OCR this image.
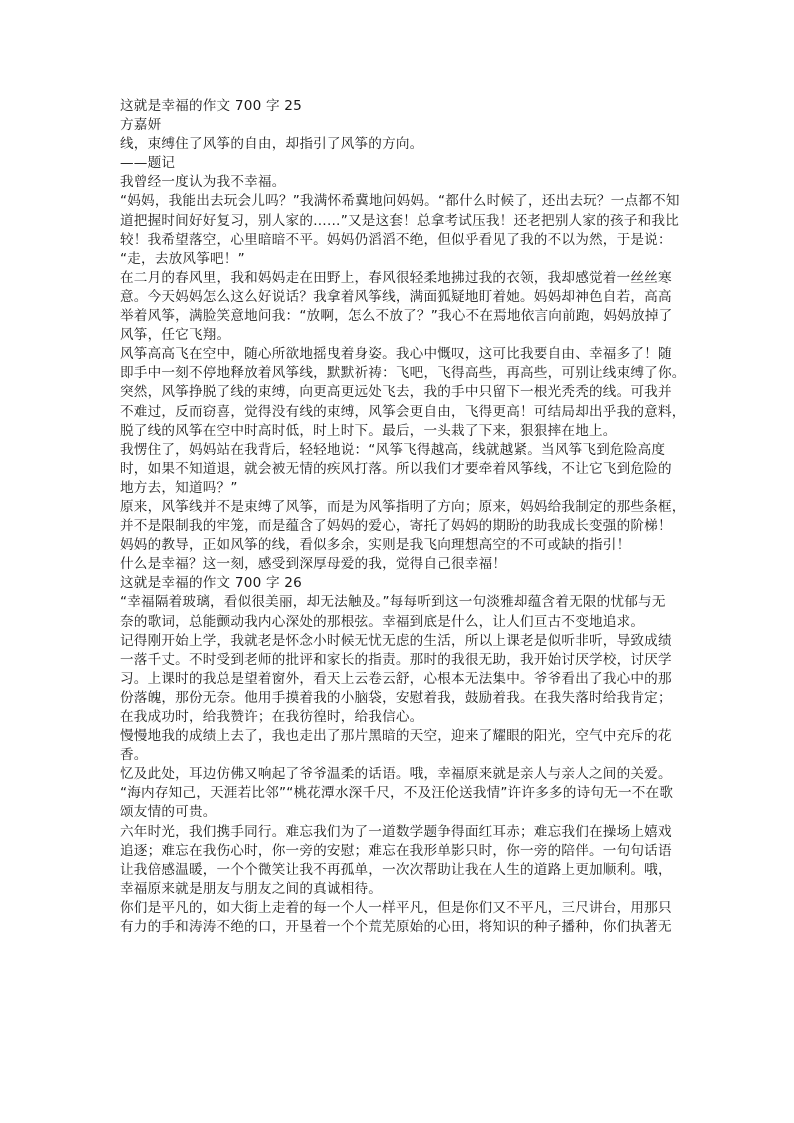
这就是幸福的作文 700 字 25
方嘉妍
线，束缚住了风筝的自由，却指引了风筝的方向。
——题记
我曾经一度认为我不幸福。
“妈妈，我能出去玩会儿吗？”我满怀希冀地问妈妈。“都什么时候了，还出去玩？一点都不知
道把握时间好好复习，别人家的……”又是这套！总拿考试压我！还老把别人家的孩子和我比
较！我希望落空，心里暗暗不平。妈妈仍滔滔不绝，但似乎看见了我的不以为然，于是说：
“走，去放风筝吧！”
在二月的春风里，我和妈妈走在田野上，春风很轻柔地拂过我的衣领，我却感觉着一丝丝寒
意。今天妈妈怎么这么好说话？我拿着风筝线，满面狐疑地盯着她。妈妈却神色自若，高高
举着风筝，满脸笑意地问我：“放啊，怎么不放了？”我心不在焉地依言向前跑，妈妈放掉了
风筝，任它飞翔。
风筝高高飞在空中，随心所欲地摇曳着身姿。我心中慨叹，这可比我要自由、幸福多了！随
即手中一刻不停地释放着风筝线，默默祈祷：飞吧，飞得高些，再高些，可别让线束缚了你。
突然，风筝挣脱了线的束缚，向更高更远处飞去，我的手中只留下一根光秃秃的线。可我并
不难过，反而窃喜，觉得没有线的束缚，风筝会更自由，飞得更高！可结局却出乎我的意料，
脱了线的风筝在空中时高时低，时上时下。最后，一头栽了下来，狠狠摔在地上。
我愣住了，妈妈站在我背后，轻轻地说：“风筝飞得越高，线就越紧。当风筝飞到危险高度
时，如果不知道退，就会被无情的疾风打落。所以我们才要牵着风筝线，不让它飞到危险的
地方去，知道吗？”
原来，风筝线并不是束缚了风筝，而是为风筝指明了方向；原来，妈妈给我制定的那些条框，
并不是限制我的牢笼，而是蕴含了妈妈的爱心，寄托了妈妈的期盼的助我成长变强的阶梯！
妈妈的教导，正如风筝的线，看似多余，实则是我飞向理想高空的不可或缺的指引！
什么是幸福？这一刻，感受到深厚母爱的我，觉得自己很幸福！
这就是幸福的作文 700 字 26
“幸福隔着玻璃，看似很美丽，却无法触及。”每每听到这一句淡雅却蕴含着无限的忧郁与无
奈的歌词，总能颤动我内心深处的那根弦。幸福到底是什么，让人们亘古不变地追求。
记得刚开始上学，我就老是怀念小时候无忧无虑的生活，所以上课老是似听非听，导致成绩
一落千丈。不时受到老师的批评和家长的指责。那时的我很无助，我开始讨厌学校，讨厌学
习。上课时的我总是望着窗外，看天上云卷云舒，心根本无法集中。爷爷看出了我心中的那
份落魄，那份无奈。他用手摸着我的小脑袋，安慰着我，鼓励着我。在我失落时给我肯定；
在我成功时，给我赞许；在我彷徨时，给我信心。
慢慢地我的成绩上去了，我也走出了那片黑暗的天空，迎来了耀眼的阳光，空气中充斥的花
香。
忆及此处，耳边仿佛又响起了爷爷温柔的话语。哦，幸福原来就是亲人与亲人之间的关爱。
“海内存知己，天涯若比邻”“桃花潭水深千尺，不及汪伦送我情”许许多多的诗句无一不在歌
颂友情的可贵。
六年时光，我们携手同行。难忘我们为了一道数学题争得面红耳赤；难忘我们在操场上嬉戏
追逐；难忘在我伤心时，你一旁的安慰；难忘在我形单影只时，你一旁的陪伴。一句句话语
让我倍感温暖，一个个微笑让我不再孤单，一次次帮助让我在人生的道路上更加顺利。哦，
幸福原来就是朋友与朋友之间的真诚相待。
你们是平凡的，如大街上走着的每一个人一样平凡，但是你们又不平凡，三尺讲台，用那只
有力的手和涛涛不绝的口，开垦着一个个荒芜原始的心田，将知识的种子播种，你们执著无
